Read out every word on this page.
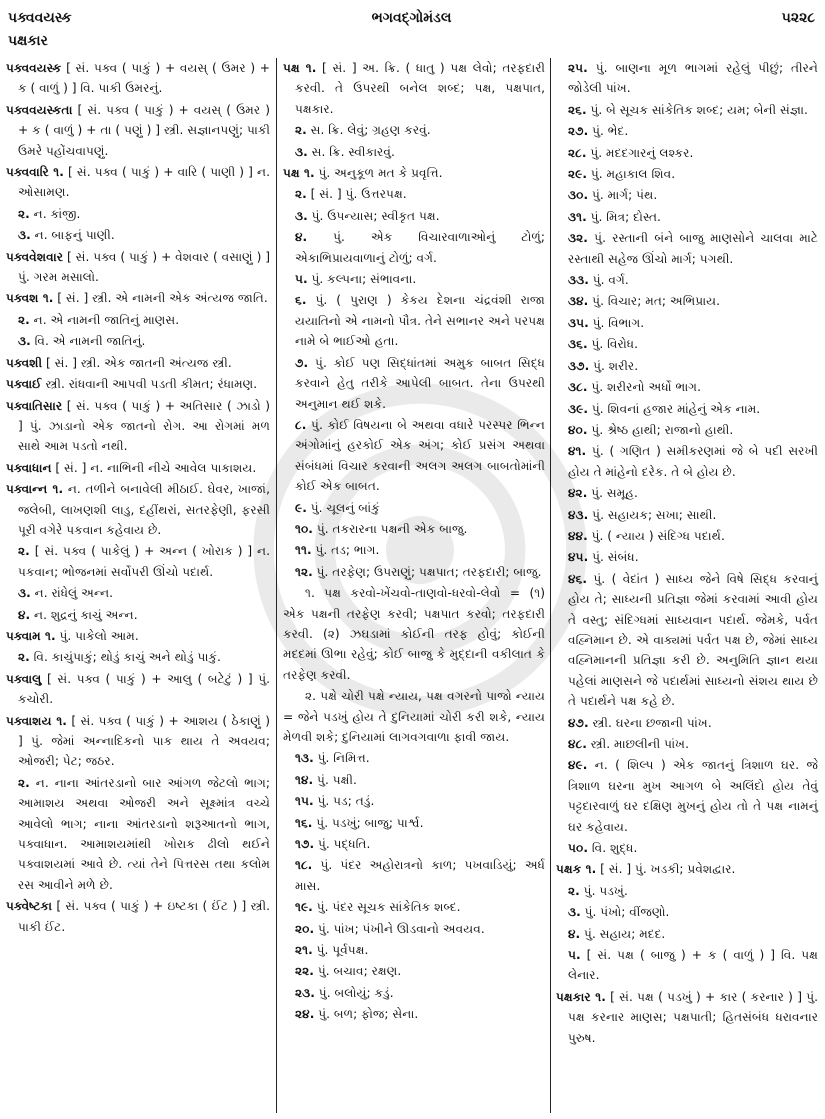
પક્વવયસ્ક	ભગવદ્ગોમંડલ	૫૨૨૮
પક્ષકાર

પક્વવયસ્ક [ સં. પક્વ ( પાકું ) + વયસ્ ( ઉમર ) + ક ( વાળું ) ] વિ. પાકી ઉમરનું.

પક્વવયસ્કતા [ સં. પક્વ ( પાકું ) + વયસ્ ( ઉમર ) + ક ( વાળું ) + તા ( પણું ) ] સ્ત્રી. સજ્ઞાનપણું; પાકી ઉમરે પહોંચવાપણું.

પક્વવારિ ૧. [ સં. પક્વ ( પાકું ) + વારિ ( પાણી ) ] ન. ઓસામણ.

૨. ન. કાંજી.

૩. ન. બાફનું પાણી.

પક્વવેશવાર [ સં. પક્વ ( પાકું ) + વેશવાર ( વસાણું ) ] પું. ગરમ મસાલો.

પક્વશ ૧. [ સં. ] સ્ત્રી. એ નામની એક અંત્યજ જાતિ.

૨. ન. એ નામની જાતિનું માણસ.

૩. વિ. એ નામની જાતિનું.

પક્વશી [ સં. ] સ્ત્રી. એક જાતની અંત્યજ સ્ત્રી.

પક્વાઈ સ્ત્રી. રાંધવાની આપવી પડતી કીમત; રંધામણ.

પક્વાતિસાર [ સં. પક્વ ( પાકું ) + અતિસાર ( ઝાડો ) ] પું. ઝાડાનો એક જાતનો રોગ. આ રોગમાં મળ સાથે આમ પડતો નથી.

પક્વાધાન [ સં. ] ન. નાભિની નીચે આવેલ પાકાશય.

પક્વાન્ન ૧. ન. તળીને બનાવેલી મીઠાઈ. ઘેવર, ખાજાં, જલેબી, લાખણશી લાડુ, દહીંથરાં, સતરફેણી, ફરસી પૂરી વગેરે પકવાન કહેવાય છે.

૨. [ સં. પક્વ ( પાકેલું ) + અન્ન ( ખોરાક ) ] ન. પકવાન; ભોજનમાં સર્વોપરી ઊંચો પદાર્થ.

૩. ન. રાંધેલું અન્ન.

૪. ન. શુદ્રનું કાચું અન્ન.

પક્વામ ૧. પું. પાકેલો આમ.

૨. વિ. કાચુંપાકું; થોડું કાચું અને થોડું પાકું.

પક્વાલુ [ સં. પક્વ ( પાકું ) + આલુ ( બટેટું ) ] પું. કચોરી.

પક્વાશય ૧. [ સં. પક્વ ( પાકું ) + આશય ( ઠેકાણું ) ] પું. જેમાં અન્નાદિકનો પાક થાય તે અવયવ; ઓજરી; પેટ; જઠર.

૨. ન. નાના આંતરડાનો બાર આંગળ જેટલો ભાગ; આમાશય અથવા ઓજરી અને સૂક્ષ્માંત્ર વચ્ચે આવેલો ભાગ; નાના આંતરડાનો શરૂઆતનો ભાગ, પક્વાધાન. આમાશયમાંથી ખોરાક ઢીલો થઈને પક્વાશયમાં આવે છે. ત્યાં તેને પિત્તરસ તથા કલોમ રસ આવીને મળે છે.

પક્વેષ્ટકા [ સં. પક્વ ( પાકું ) + ઇષ્ટકા ( ઈંટ ) ] સ્ત્રી. પાકી ઈંટ.

પક્ષ ૧. [ સં. ] અ. ક્રિ. ( ધાતુ ) પક્ષ લેવો; તરફદારી કરવી. તે ઉપરથી બનેલ શબ્દ; પક્ષ, પક્ષપાત, પક્ષકાર.

૨. સ. ક્રિ. લેવું; ગ્રહણ કરવું.

૩. સ. ક્રિ. સ્વીકારવું.

પક્ષ ૧. પું. અનુકૂળ મત કે પ્રવૃત્તિ.

૨. [ સં. ] પું. ઉત્તરપક્ષ.

૩. પું. ઉપન્યાસ; સ્વીકૃત પક્ષ.

૪. પું. એક વિચારવાળાઓનું ટોળું; એકાભિપ્રાયવાળાનું ટોળું; વર્ગ.

૫. પું. કલ્પના; સંભાવના.

૬. પું. ( પુરાણ ) કેકય દેશના ચંદ્રવંશી રાજા યયાતિનો એ નામનો પૌત્ર. તેને સભાનર અને પરપક્ષ નામે બે ભાઈઓ હતા.

૭. પું. કોઈ પણ સિદ્ધાંતમાં અમુક બાબત સિદ્ધ કરવાને હેતુ તરીકે આપેલી બાબત. તેના ઉપરથી અનુમાન થઈ શકે.

૮. પું. કોઈ વિષયના બે અથવા વધારે પરસ્પર ભિન્ન અંગોમાંનું હરકોઈ એક અંગ; કોઈ પ્રસંગ અથવા સંબંધમાં વિચાર કરવાની અલગ અલગ બાબતોમાંની કોઈ એક બાબત.

૯. પું. ચૂલનું બાંકું

૧૦. પું. તકરારના પક્ષની એક બાજુ.

૧૧. પું. તડ; ભાગ.

૧૨. પું. તરફેણ; ઉપરાણું; પક્ષપાત; તરફદારી; બાજુ.

૧. પક્ષ કરવો-ખેંચવો-તાણવો-ધરવો-લેવો = (૧) એક પક્ષની તરફેણ કરવી; પક્ષપાત કરવો; તરફદારી કરવી. (૨) ઝઘડામાં કોઈની તરફ હોવું; કોઈની મદદમાં ઊભા રહેવું; કોઈ બાજુ કે મુદ્દાની વકીલાત કે તરફેણ કરવી.

૨. પક્ષે ચોરી પક્ષે ન્યાય, પક્ષ વગરનો પાજો ન્યાય = જેને પડખું હોય તે દુનિયામાં ચોરી કરી શકે, ન્યાય મેળવી શકે; દુનિયામાં લાગવગવાળા ફાવી જાય.

૧૩. પું. નિમિત્ત.

૧૪. પું. પક્ષી.

૧૫. પું. પડ; તડું.

૧૬. પું. પડખું; બાજુ; પાર્શ્વ.

૧૭. પું. પદ્ધતિ.

૧૮. પું. પંદર અહોરાત્રનો કાળ; પખવાડિયું; અર્ધ માસ.

૧૯. પું. પંદર સૂચક સાંકેતિક શબ્દ.

૨૦. પું. પાંખ; પંખીને ઊડવાનો અવયવ.

૨૧. પું. પૂર્વપક્ષ.

૨૨. પું. બચાવ; રક્ષણ.

૨૩. પું. બલોયું; કડું.

૨૪. પું. બળ; ફોજ; સેના.

૨૫. પું. બાણના મૂળ ભાગમાં રહેલું પીછું; તીરને જોડેલી પાંખ.

૨૬. પું. બે સૂચક સાંકેતિક શબ્દ; યમ; બેની સંજ્ઞા.

૨૭. પું. ભેદ.

૨૮. પું. મદદગારનું લશ્કર.

૨૯. પું. મહાકાલ શિવ.

૩૦. પું. માર્ગ; પંથ.

૩૧. પું. મિત્ર; દોસ્ત.

૩૨. પું. રસ્તાની બંને બાજુ માણસોને ચાલવા માટે રસ્તાથી સહેજ ઊંચો માર્ગ; પગથી.

૩૩. પું. વર્ગ.

૩૪. પું. વિચાર; મત; અભિપ્રાય.

૩૫. પું. વિભાગ.

૩૬. પું. વિરોધ.

૩૭. પું. શરીર.

૩૮. પું. શરીરનો અર્ધો ભાગ.

૩૯. પું. શિવનાં હજાર માંહેનું એક નામ.

૪૦. પું. શ્રેષ્ઠ હાથી; રાજાનો હાથી.

૪૧. પું. ( ગણિત ) સમીકરણમાં જે બે પદી સરખી હોય તે માંહેનો દરેક. તે બે હોય છે.

૪૨. પું. સમૂહ.

૪૩. પું. સહાયક; સખા; સાથી.

૪૪. પું. ( ન્યાય ) સંદિગ્ધ પદાર્થ.

૪૫. પું. સંબંધ.

૪૬. પું. ( વેદાંત ) સાધ્ય જેને વિષે સિદ્ધ કરવાનું હોય તે; સાધ્યની પ્રતિજ્ઞા જેમાં કરવામાં આવી હોય તે વસ્તુ; સંદિગ્ધમાં સાધ્યવાન પદાર્થ. જેમકે, પર્વત વહ્નિમાન છે. એ વાક્યમાં પર્વત પક્ષ છે, જેમાં સાધ્ય વહ્નિમાનની પ્રતિજ્ઞા કરી છે. અનુમિતિ જ્ઞાન થયા પહેલાં માણસને જે પદાર્થમાં સાધ્યનો સંશય થાય છે તે પદાર્થને પક્ષ કહે છે.

૪૭. સ્ત્રી. ઘરના છજાની પાંખ.

૪૮. સ્ત્રી. માછલીની પાંખ.

૪૯. ન. ( શિલ્પ ) એક જાતનું ત્રિશાળ ઘર. જે ત્રિશાળ ઘરના મુખ આગળ બે અલિંદો હોય તેવું પટ્ટદારવાળું ઘર દક્ષિણ મુખનું હોય તો તે પક્ષ નામનું ઘર કહેવાય.

૫૦. વિ. શુદ્ધ.

પક્ષક ૧. [ સં. ] પું. ખડકી; પ્રવેશદ્વાર.

૨. પું. પડખું.

૩. પું. પંખો; વીંજણો.

૪. પું. સહાય; મદદ.

૫. [ સં. પક્ષ ( બાજુ ) + ક ( વાળું ) ] વિ. પક્ષ લેનાર.

પક્ષકાર ૧. [ સં. પક્ષ ( પડખું ) + કાર ( કરનાર ) ] પું. પક્ષ કરનાર માણસ; પક્ષપાતી; હિતસંબંધ ધરાવનાર પુરુષ.
